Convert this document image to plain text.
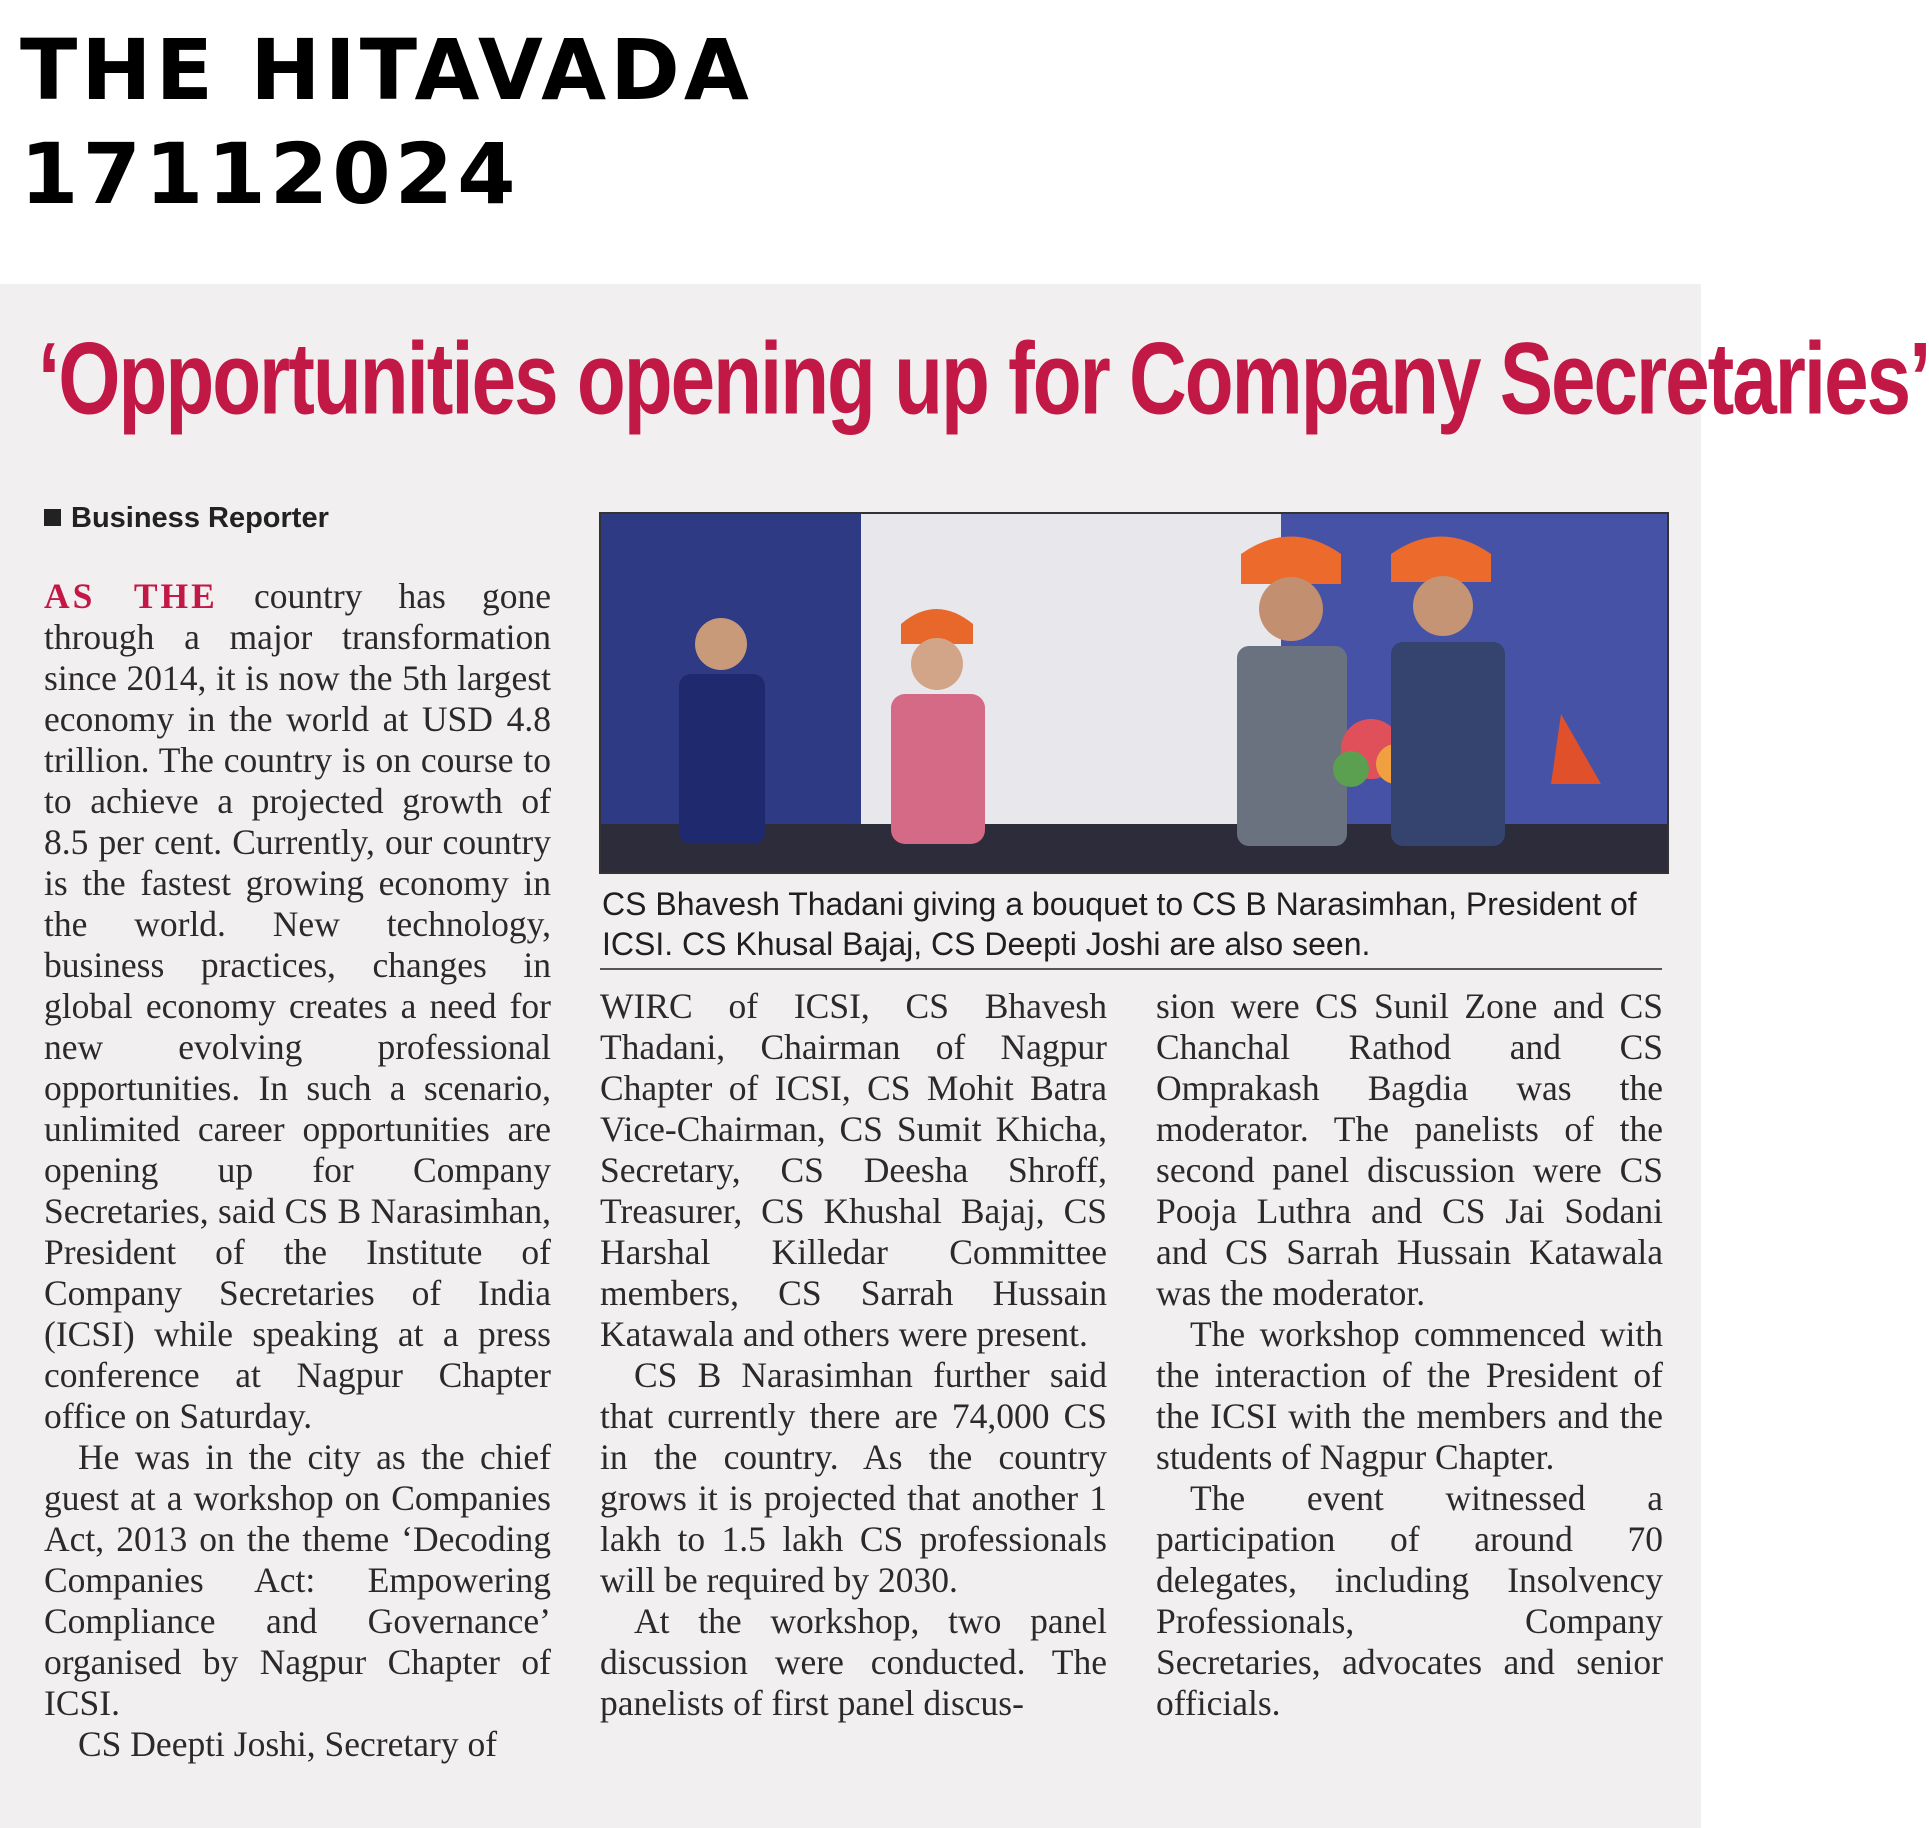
THE HITAVADA
17112024
‘Opportunities opening up for Company Secretaries’
Business Reporter

AS THE country has gone through a major transformation since 2014, it is now the 5th largest economy in the world at USD 4.8 trillion. The country is on course to to achieve a projected growth of 8.5 per cent. Currently, our country is the fastest growing economy in the world. New technology, business practices, changes in global economy creates a need for new evolving professional opportunities. In such a scenario, unlimited career opportunities are opening up for Company Secretaries, said CS B Narasimhan, President of the Institute of Company Secretaries of India (ICSI) while speaking at a press conference at Nagpur Chapter office on Saturday.

He was in the city as the chief guest at a workshop on Companies Act, 2013 on the theme ‘Decoding Companies Act: Empowering Compliance and Governance’ organised by Nagpur Chapter of ICSI.

CS Deepti Joshi, Secretary of

CS Bhavesh Thadani giving a bouquet to CS B Narasimhan, President of ICSI. CS Khusal Bajaj, CS Deepti Joshi are also seen.

WIRC of ICSI, CS Bhavesh Thadani, Chairman of Nagpur Chapter of ICSI, CS Mohit Batra Vice-Chairman, CS Sumit Khicha, Secretary, CS Deesha Shroff, Treasurer, CS Khushal Bajaj, CS Harshal Killedar Committee members, CS Sarrah Hussain Katawala and others were present.

CS B Narasimhan further said that currently there are 74,000 CS in the country. As the country grows it is projected that another 1 lakh to 1.5 lakh CS professionals will be required by 2030.

At the workshop, two panel discussion were conducted. The panelists of first panel discus-

sion were CS Sunil Zone and CS Chanchal Rathod and CS Omprakash Bagdia was the moderator. The panelists of the second panel discussion were CS Pooja Luthra and CS Jai Sodani and CS Sarrah Hussain Katawala was the moderator.

The workshop commenced with the interaction of the President of the ICSI with the members and the students of Nagpur Chapter.

The event witnessed a participation of around 70 delegates, including Insolvency Professionals, Company Secretaries, advocates and senior officials.
